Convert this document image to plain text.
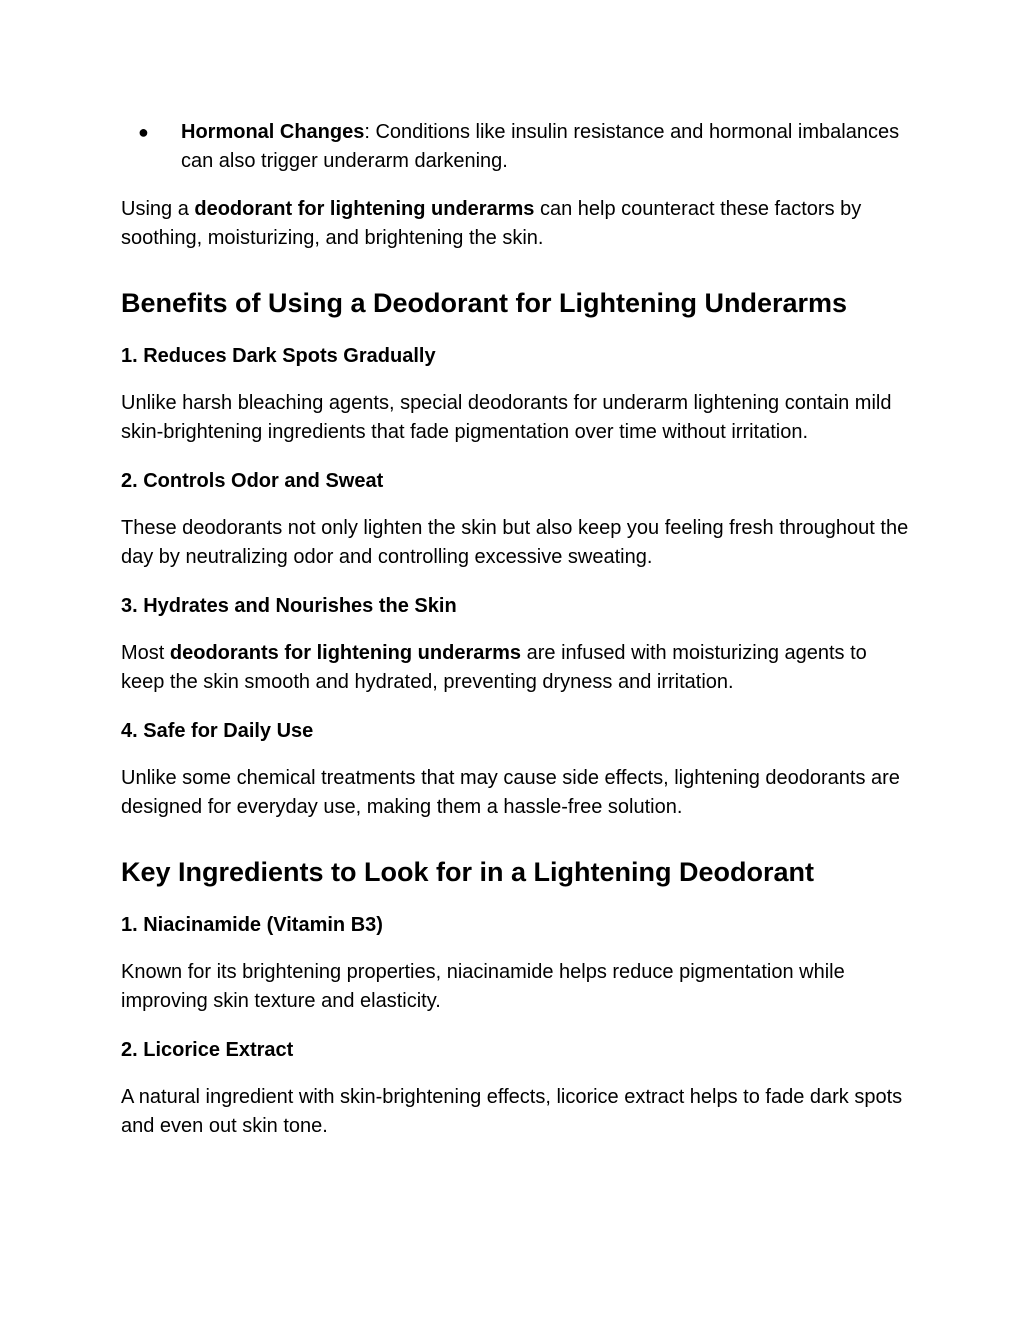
● Hormonal Changes: Conditions like insulin resistance and hormonal imbalances can also trigger underarm darkening.

Using a deodorant for lightening underarms can help counteract these factors by soothing, moisturizing, and brightening the skin.

Benefits of Using a Deodorant for Lightening Underarms
1. Reduces Dark Spots Gradually

Unlike harsh bleaching agents, special deodorants for underarm lightening contain mild skin-brightening ingredients that fade pigmentation over time without irritation.

2. Controls Odor and Sweat

These deodorants not only lighten the skin but also keep you feeling fresh throughout the day by neutralizing odor and controlling excessive sweating.

3. Hydrates and Nourishes the Skin

Most deodorants for lightening underarms are infused with moisturizing agents to keep the skin smooth and hydrated, preventing dryness and irritation.

4. Safe for Daily Use

Unlike some chemical treatments that may cause side effects, lightening deodorants are designed for everyday use, making them a hassle-free solution.

Key Ingredients to Look for in a Lightening Deodorant
1. Niacinamide (Vitamin B3)

Known for its brightening properties, niacinamide helps reduce pigmentation while improving skin texture and elasticity.

2. Licorice Extract

A natural ingredient with skin-brightening effects, licorice extract helps to fade dark spots and even out skin tone.
